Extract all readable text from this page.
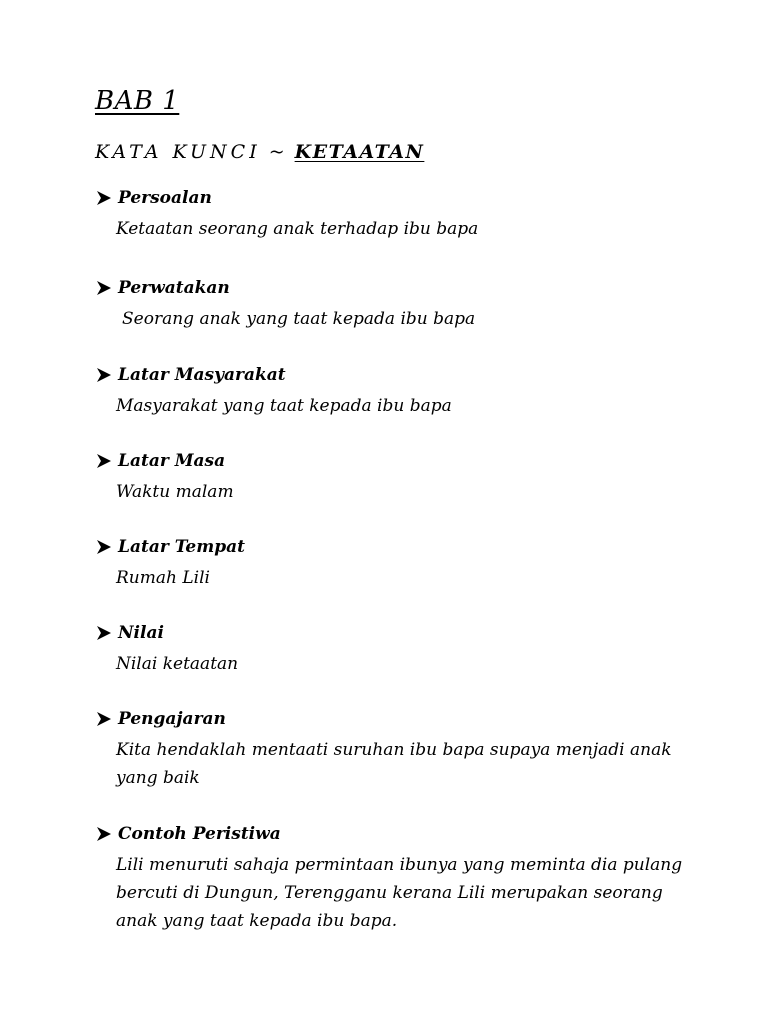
BAB 1
KATA KUNCI ~ KETAATAN
Persoalan
Ketaatan seorang anak terhadap ibu bapa
Perwatakan
Seorang anak yang taat kepada ibu bapa
Latar Masyarakat
Masyarakat yang taat kepada ibu bapa
Latar Masa
Waktu malam
Latar Tempat
Rumah Lili
Nilai
Nilai ketaatan
Pengajaran
Kita hendaklah mentaati suruhan ibu bapa supaya menjadi anak yang baik
Contoh Peristiwa
Lili menuruti sahaja permintaan ibunya yang meminta dia pulang bercuti di Dungun, Terengganu kerana Lili merupakan seorang anak yang taat kepada ibu bapa.
